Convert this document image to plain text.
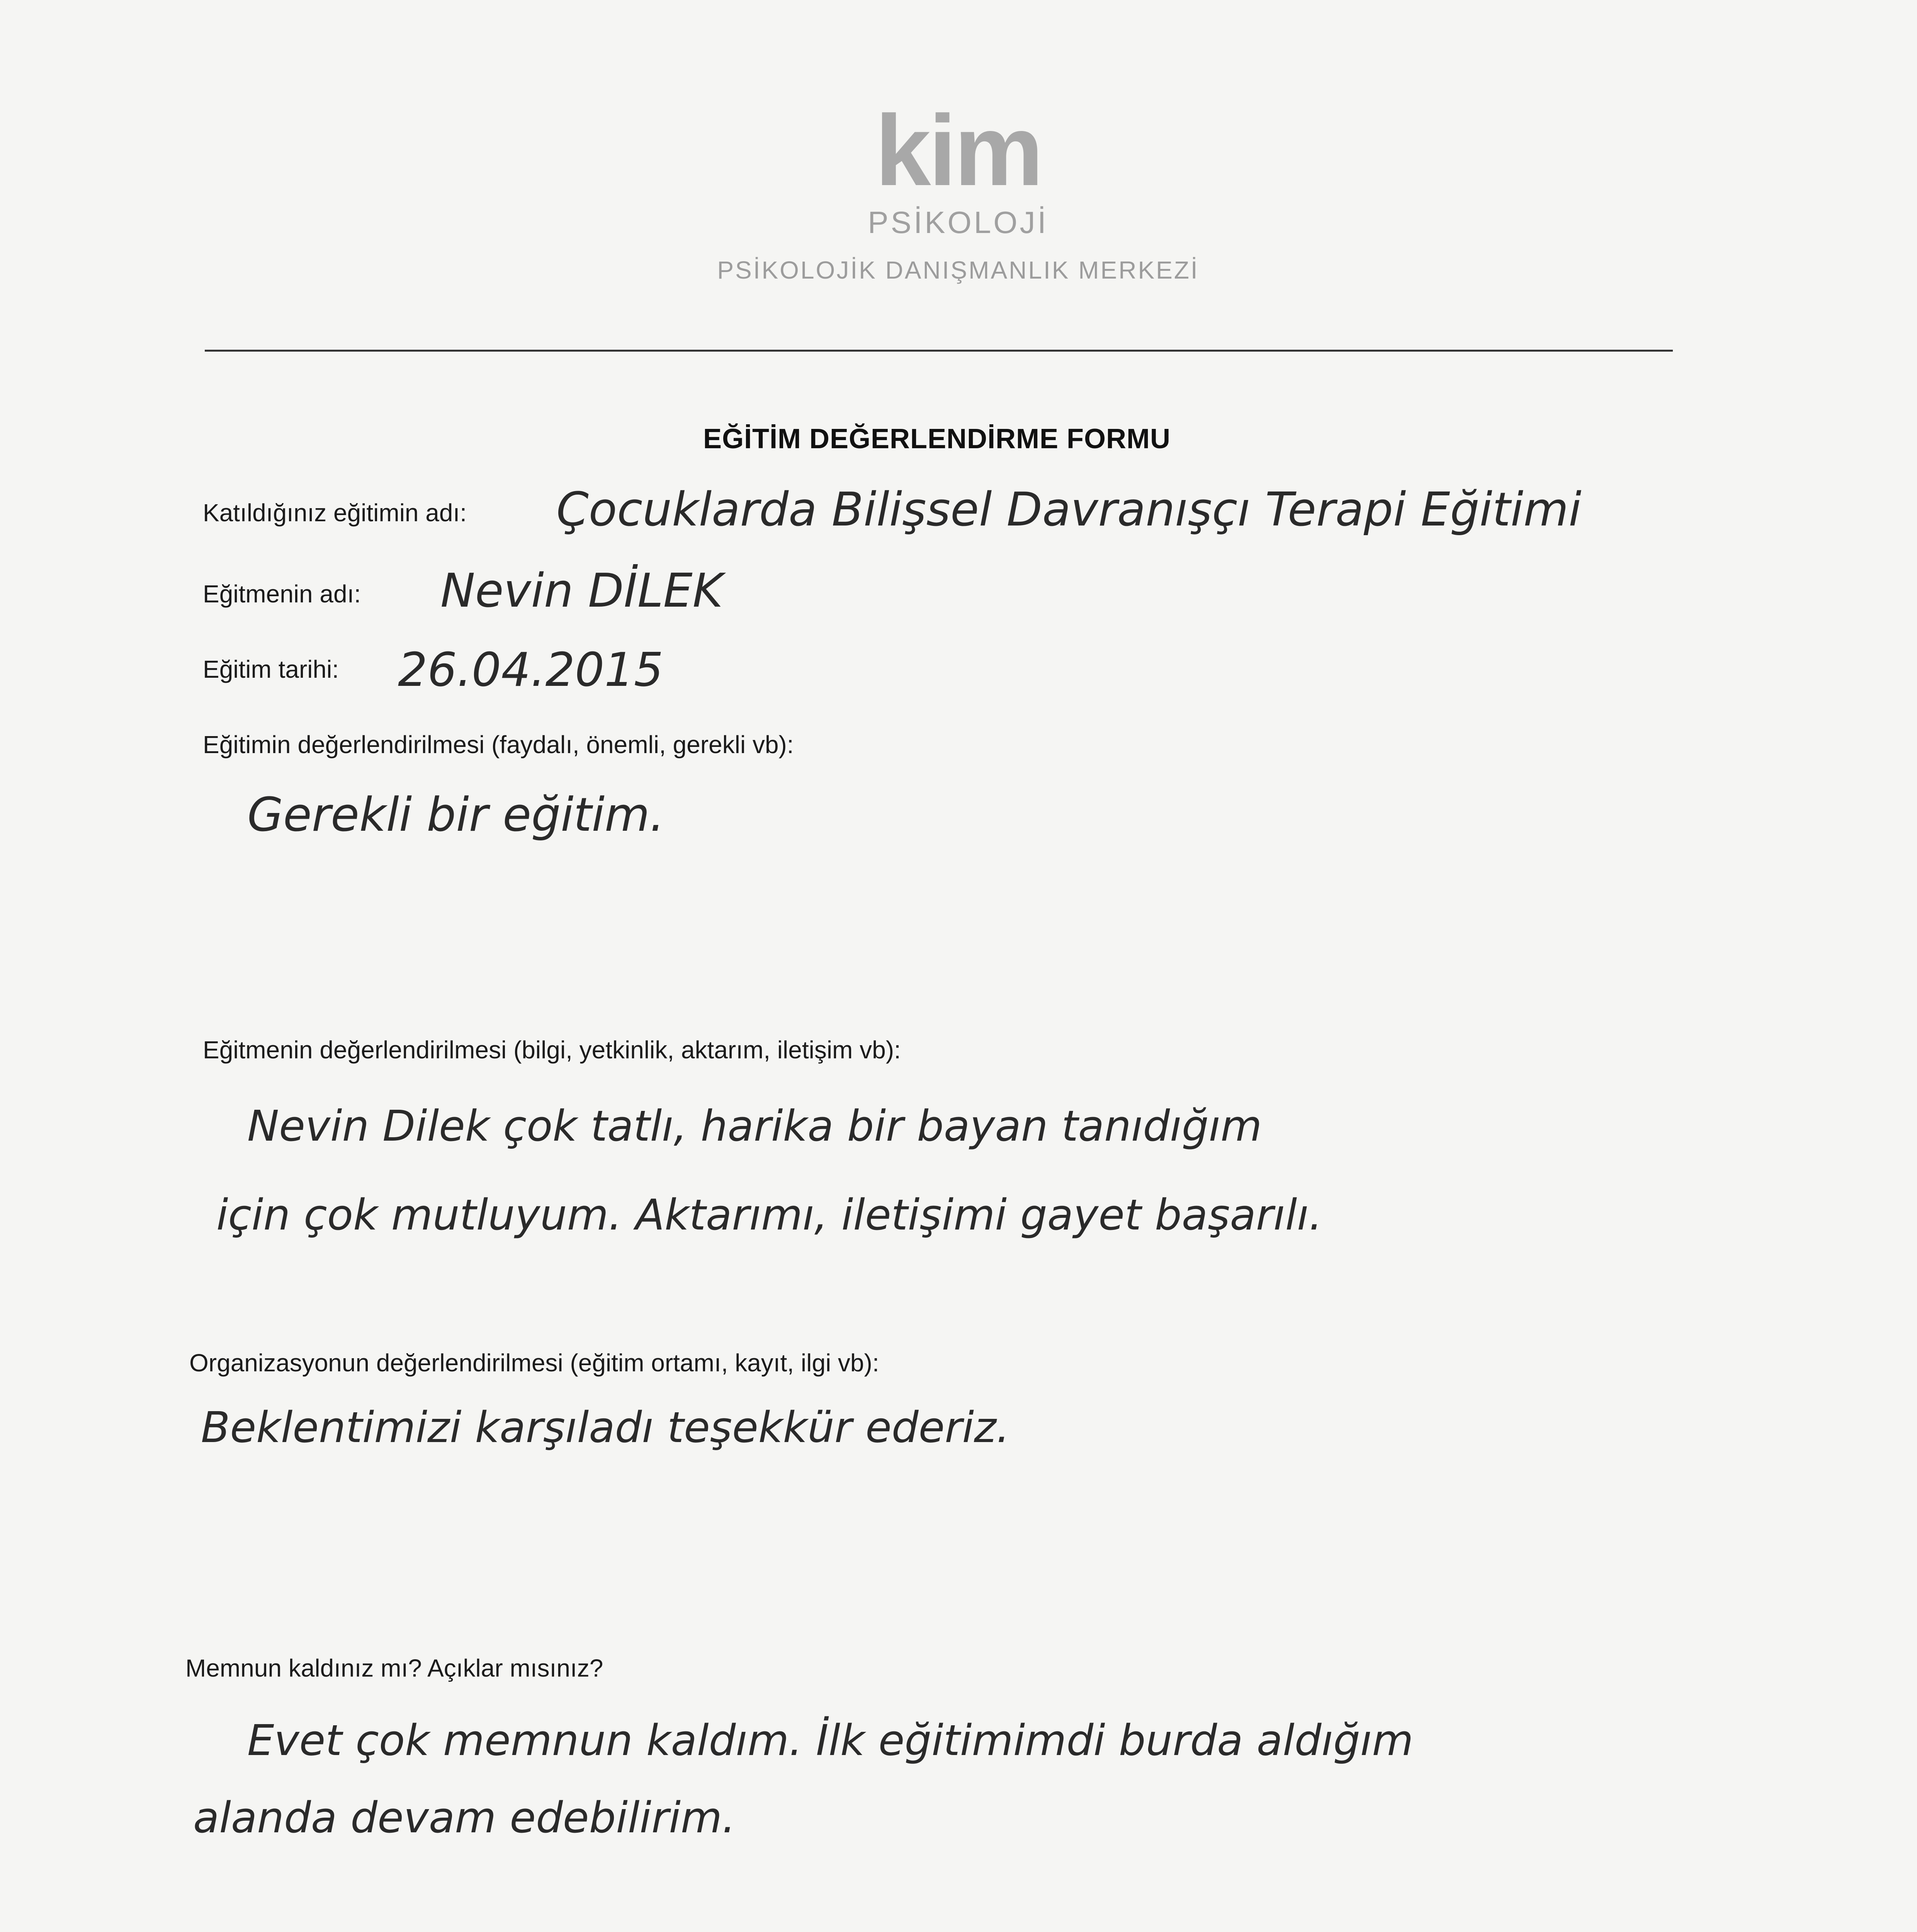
kim
PSİKOLOJİ
PSİKOLOJİK DANIŞMANLIK MERKEZİ
EĞİTİM DEĞERLENDİRME FORMU
Katıldığınız eğitimin adı: Çocuklarda Bilişsel Davranışçı Terapi Eğitimi
Eğitmenin adı: Nevin DİLEK
Eğitim tarihi: 26.04.2015
Eğitimin değerlendirilmesi (faydalı, önemli, gerekli vb):
Gerekli bir eğitim.
Eğitmenin değerlendirilmesi (bilgi, yetkinlik, aktarım, iletişim vb):
Nevin Dilek çok tatlı, harika bir bayan tanıdığım
için çok mutluyum. Aktarımı, iletişimi gayet başarılı.
Organizasyonun değerlendirilmesi (eğitim ortamı, kayıt, ilgi vb):
Beklentimizi karşıladı teşekkür ederiz.
Memnun kaldınız mı? Açıklar mısınız?
Evet çok memnun kaldım. İlk eğitimimdi burda aldığım
alanda devam edebilirim.
